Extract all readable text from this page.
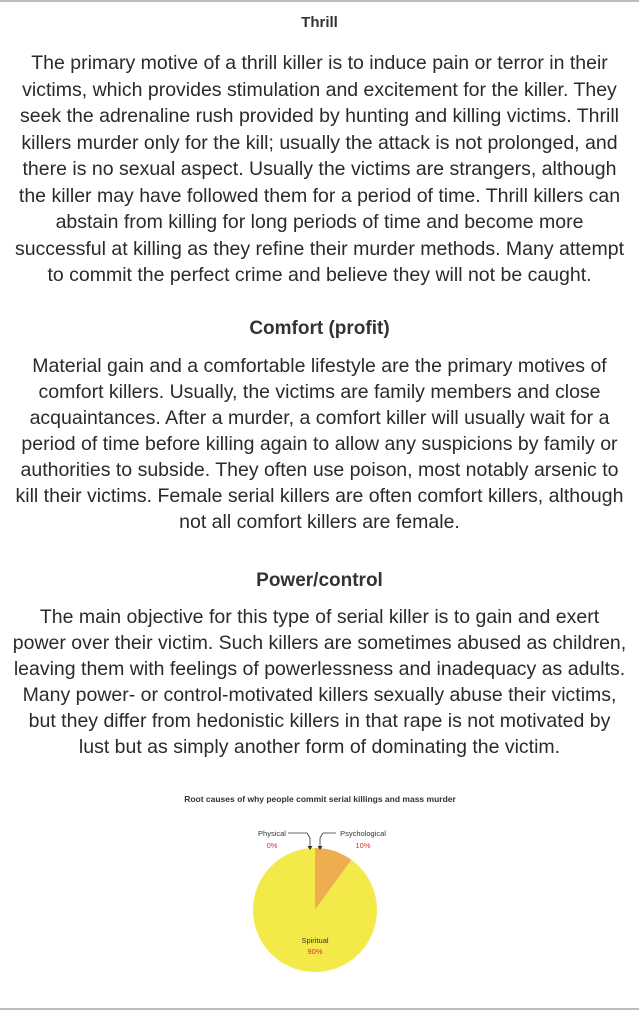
Thrill
The primary motive of a thrill killer is to induce pain or terror in their victims, which provides stimulation and excitement for the killer. They seek the adrenaline rush provided by hunting and killing victims. Thrill killers murder only for the kill; usually the attack is not prolonged, and there is no sexual aspect. Usually the victims are strangers, although the killer may have followed them for a period of time. Thrill killers can abstain from killing for long periods of time and become more successful at killing as they refine their murder methods. Many attempt to commit the perfect crime and believe they will not be caught.
Comfort (profit)
Material gain and a comfortable lifestyle are the primary motives of comfort killers. Usually, the victims are family members and close acquaintances. After a murder, a comfort killer will usually wait for a period of time before killing again to allow any suspicions by family or authorities to subside. They often use poison, most notably arsenic to kill their victims. Female serial killers are often comfort killers, although not all comfort killers are female.
Power/control
The main objective for this type of serial killer is to gain and exert power over their victim. Such killers are sometimes abused as children, leaving them with feelings of powerlessness and inadequacy as adults. Many power- or control-motivated killers sexually abuse their victims, but they differ from hedonistic killers in that rape is not motivated by lust but as simply another form of dominating the victim.
Root causes of why people commit serial killings and mass murder
Physical
0%
Psychological
10%
Spiritual
90%
